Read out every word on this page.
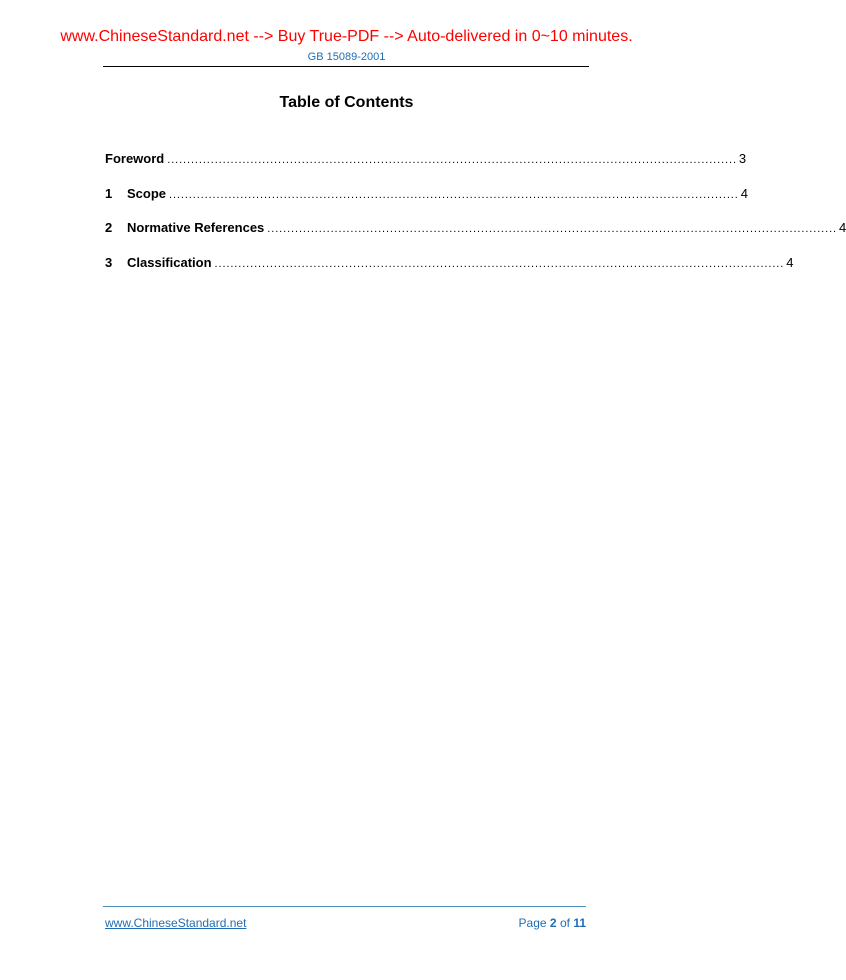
www.ChineseStandard.net --> Buy True-PDF --> Auto-delivered in 0~10 minutes.
GB 15089-2001
Table of Contents
Foreword ................................................................................................................................................ 3
1	Scope ................................................................................................................................................ 4
2	Normative References ................................................................................................................................................ 4
3	Classification ................................................................................................................................................ 4
www.ChineseStandard.net	Page 2 of 11
